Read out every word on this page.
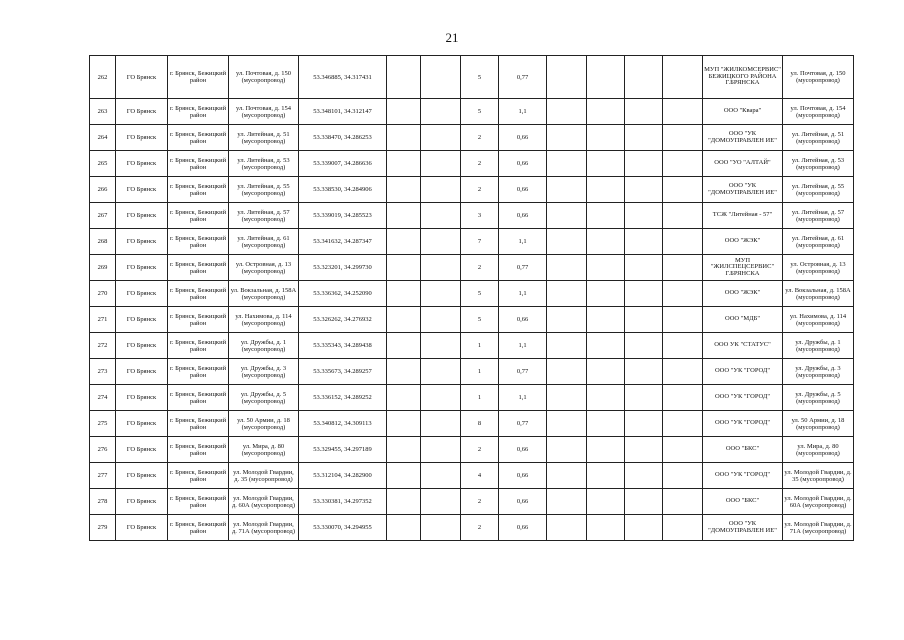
21
262	ГО Брянск	г. Брянск, Бежицкий район	ул. Почтовая, д. 150 (мусоропровод)	53.346885, 34.317431			5	0,77					МУП "ЖИЛКОМСЕРВИС" БЕЖИЦКОГО РАЙОНА Г.БРЯНСКА	ул. Почтовая, д. 150 (мусоропровод)
263	ГО Брянск	г. Брянск, Бежицкий район	ул. Почтовая, д. 154 (мусоропровод)	53.348101, 34.312147			5	1,1					ООО "Квара"	ул. Почтовая, д. 154 (мусоропровод)
264	ГО Брянск	г. Брянск, Бежицкий район	ул. Литейная, д. 51 (мусоропровод)	53.338470, 34.286253			2	0,66					ООО "УК "ДОМОУПРАВЛЕН ИЕ"	ул. Литейная, д. 51 (мусоропровод)
265	ГО Брянск	г. Брянск, Бежицкий район	ул. Литейная, д. 53 (мусоропровод)	53.339007, 34.286636			2	0,66					ООО "УО "АЛТАЙ"	ул. Литейная, д. 53 (мусоропровод)
266	ГО Брянск	г. Брянск, Бежицкий район	ул. Литейная, д. 55 (мусоропровод)	53.338530, 34.284906			2	0,66					ООО "УК "ДОМОУПРАВЛЕН ИЕ"	ул. Литейная, д. 55 (мусоропровод)
267	ГО Брянск	г. Брянск, Бежицкий район	ул. Литейная, д. 57 (мусоропровод)	53.339019, 34.285523			3	0,66					ТСЖ "Литейная - 57"	ул. Литейная, д. 57 (мусоропровод)
268	ГО Брянск	г. Брянск, Бежицкий район	ул. Литейная, д. 61 (мусоропровод)	53.341632, 34.287347			7	1,1					ООО "ЖЭК"	ул. Литейная, д. 61 (мусоропровод)
269	ГО Брянск	г. Брянск, Бежицкий район	ул. Островная, д. 13 (мусоропровод)	53.323201, 34.299730			2	0,77					МУП "ЖИЛСПЕЦСЕРВИС" Г.БРЯНСКА	ул. Островная, д. 13 (мусоропровод)
270	ГО Брянск	г. Брянск, Бежицкий район	ул. Вокзальная, д. 158А (мусоропровод)	53.336362, 34.252090			5	1,1					ООО "ЖЭК"	ул. Вокзальная, д. 158А (мусоропровод)
271	ГО Брянск	г. Брянск, Бежицкий район	ул. Нахимова, д. 114 (мусоропровод)	53.326262, 34.276932			5	0,66					ООО "МДБ"	ул. Нахимова, д. 114 (мусоропровод)
272	ГО Брянск	г. Брянск, Бежицкий район	ул. Дружбы, д. 1 (мусоропровод)	53.335343, 34.289438			1	1,1					ООО УК "СТАТУС"	ул. Дружбы, д. 1 (мусоропровод)
273	ГО Брянск	г. Брянск, Бежицкий район	ул. Дружбы, д. 3 (мусоропровод)	53.335673, 34.289257			1	0,77					ООО "УК "ГОРОД"	ул. Дружбы, д. 3 (мусоропровод)
274	ГО Брянск	г. Брянск, Бежицкий район	ул. Дружбы, д. 5 (мусоропровод)	53.336152, 34.289252			1	1,1					ООО "УК "ГОРОД"	ул. Дружбы, д. 5 (мусоропровод)
275	ГО Брянск	г. Брянск, Бежицкий район	ул. 50 Армии, д. 18 (мусоропровод)	53.340812, 34.309113			8	0,77					ООО "УК "ГОРОД"	ул. 50 Армии, д. 18 (мусоропровод)
276	ГО Брянск	г. Брянск, Бежицкий район	ул. Мира, д. 80 (мусоропровод)	53.329455, 34.297189			2	0,66					ООО "БКС"	ул. Мира, д. 80 (мусоропровод)
277	ГО Брянск	г. Брянск, Бежицкий район	ул. Молодой Гвардии, д. 35 (мусоропровод)	53.312104, 34.282900			4	0,66					ООО "УК "ГОРОД"	ул. Молодой Гвардии, д. 35 (мусоропровод)
278	ГО Брянск	г. Брянск, Бежицкий район	ул. Молодой Гвардии, д. 60А (мусоропровод)	53.330381, 34.297352			2	0,66					ООО "БКС"	ул. Молодой Гвардии, д. 60А (мусоропровод)
279	ГО Брянск	г. Брянск, Бежицкий район	ул. Молодой Гвардии, д. 71А (мусоропровод)	53.330070, 34.294955			2	0,66					ООО "УК "ДОМОУПРАВЛЕН ИЕ"	ул. Молодой Гвардии, д. 71А (мусоропровод)
